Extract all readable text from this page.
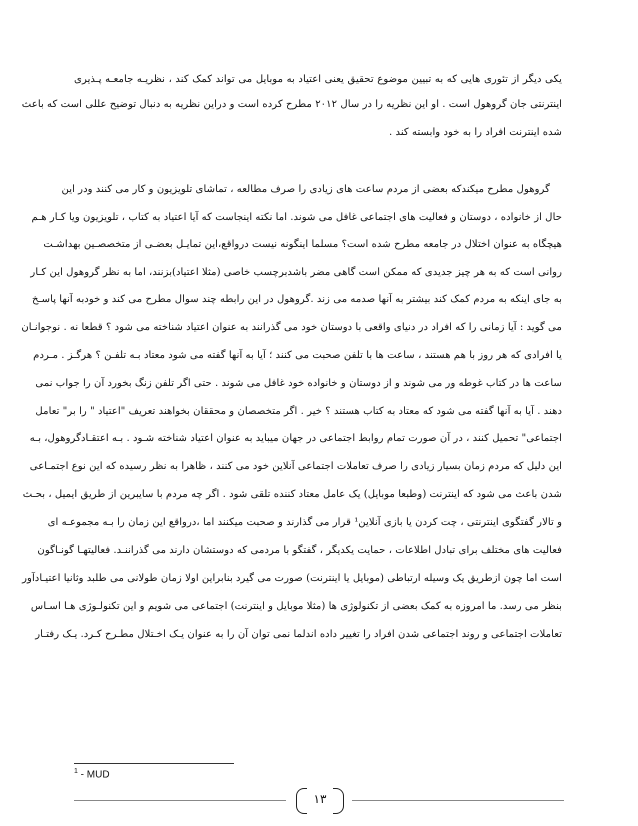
یکی دیگر از تئوری هایی که به تبیین موضوع تحقیق یعنی اعتیاد به موبایل می تواند کمک کند ، نظریـه جامعـه پـذیری
اینترنتی جان گروهول است . او این نظریه را در سال ۲۰۱۲ مطرح کرده است و دراین نظریه به دنبال توضیح عللی است که باعث
شده اینترنت افراد را به خود وابسته کند .
گروهول مطرح میکندکه بعضی از مردم ساعت های زیادی را صرف مطالعه ، تماشای تلویزیون و کار می کنند ودر این
حال از خانواده ، دوستان و فعالیت های اجتماعی غافل می شوند. اما نکته اینجاست که آیا اعتیاد به کتاب ، تلویزیون ویا کـار هـم
هیچگاه به عنوان اختلال در جامعه مطرح شده است؟ مسلما اینگونه نیست درواقع،این تمایـل بعضـی از متخصصـین بهداشـت
روانی است که به هر چیز جدیدی که ممکن است گاهی مضر باشدبرچسب خاصی (مثلا اعتیاد)بزنند، اما به نظر گروهول این کـار
به جای اینکه به مردم کمک کند بیشتر به آنها صدمه می زند .گروهول در این رابطه چند سوال مطرح می کند و خودبه آنها پاسـخ
می گوید : آیا زمانی را که افراد در دنیای واقعی با دوستان خود می گذرانند به عنوان اعتیاد شناخته می شود ؟ قطعا نه . نوجوانـان
یا افرادی که هر روز با هم هستند ، ساعت ها با تلفن صحبت می کنند ؛ آیا به آنها گفته می شود معتاد بـه تلفـن ؟ هرگـز . مـردم
ساعت ها در کتاب غوطه ور می شوند و از دوستان و خانواده خود غافل می شوند . حتی اگر تلفن زنگ بخورد آن را جواب نمی
دهند . آیا به آنها گفته می شود که معتاد به کتاب هستند ؟ خیر . اگر متخصصان و محققان بخواهند تعریف "اعتیاد " را بر" تعامل
اجتماعی" تحمیل کنند ، در آن صورت تمام روابط اجتماعی در جهان میباید به عنوان اعتیاد شناخته شـود . بـه اعتقـادگروهول، بـه
این دلیل که مردم زمان بسیار زیادی را صرف تعاملات اجتماعی آنلاین خود می کنند ، ظاهرا به نظر رسیده که این نوع اجتمـاعی
شدن باعث می شود که اینترنت (وطبعا موبایل) یک عامل معتاد کننده تلقی شود . اگر چه مردم با سایبرین از طریق ایمیل ، بحـث
و تالار گفتگوی اینترنتی ، چت کردن یا بازی آنلاین¹ قرار می گذارند و صحبت میکنند اما ،درواقع این زمان را بـه مجموعـه ای
فعالیت های مختلف برای تبادل اطلاعات ، حمایت یکدیگر ، گفتگو با مردمی که دوستشان دارند می گذراننـد. فعالیتهـا گونـاگون
است اما چون ازطریق یک وسیله ارتباطی (موبایل یا اینترنت) صورت می گیرد بنابراین اولا زمان طولانی می طلبد وثانیا اعتیـادآور
بنظر می رسد. ما امروزه به کمک بعضی از تکنولوژی ها (مثلا موبایل و اینترنت) اجتماعی می شویم و این تکنولـوژی هـا اسـاس
تعاملات اجتماعی و روند اجتماعی شدن افراد را تغییر داده اندلما نمی توان آن را به عنوان یـک اخـتلال مطـرح کـرد. یـک رفتـار
$^1$ - MUD
۱۳
